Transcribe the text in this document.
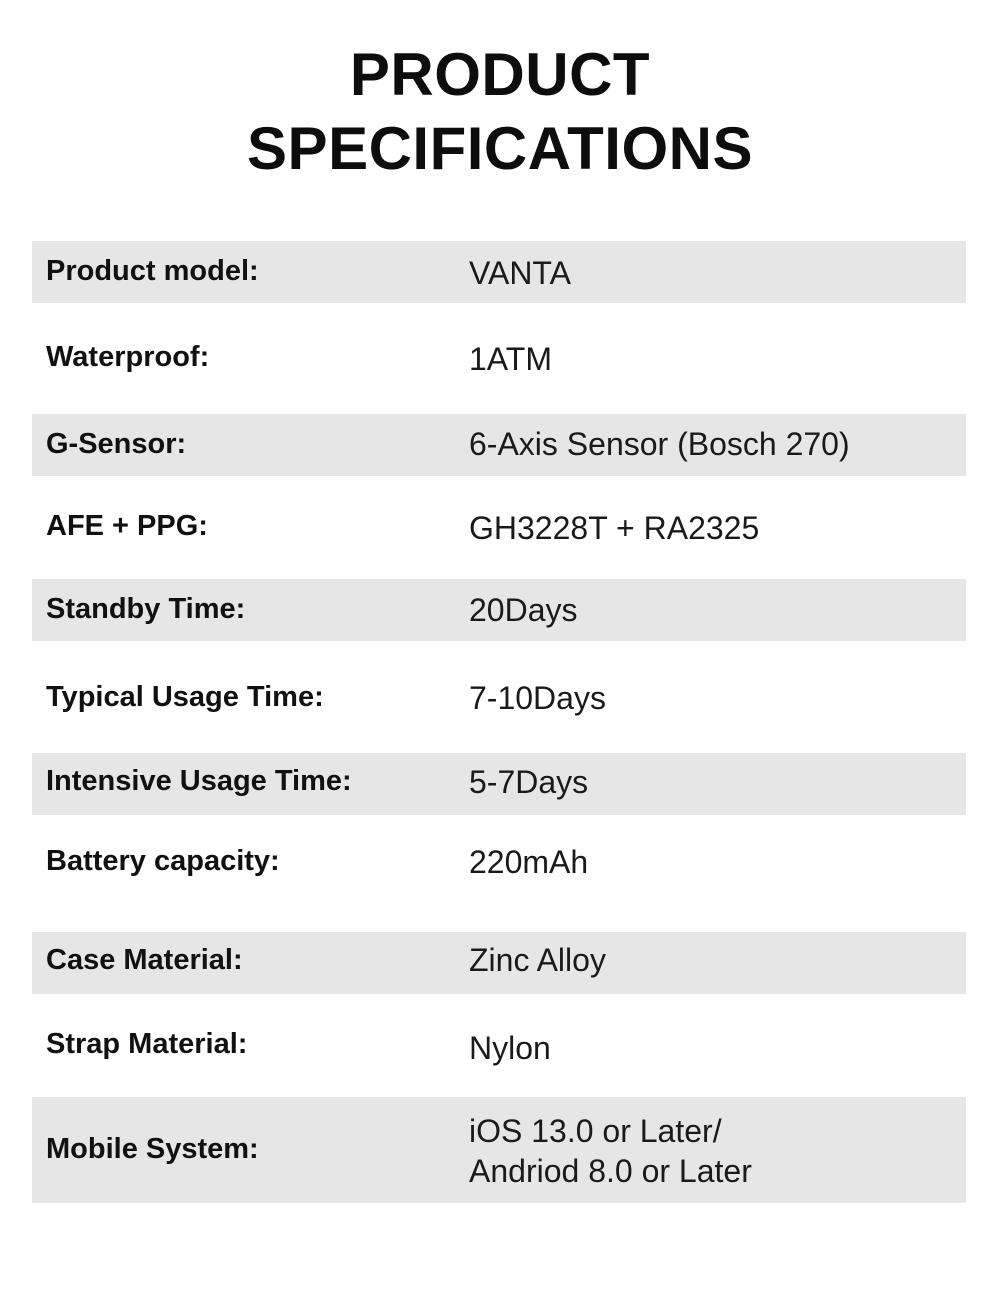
PRODUCT
SPECIFICATIONS
Product model:	VANTA
Waterproof:	1ATM
G-Sensor:	6-Axis Sensor (Bosch 270)
AFE + PPG:	GH3228T + RA2325
Standby Time:	20Days
Typical Usage Time:	7-10Days
Intensive Usage Time:	5-7Days
Battery capacity:	220mAh
Case Material:	Zinc Alloy
Strap Material:	Nylon
Mobile System:	iOS 13.0 or Later/
Andriod 8.0 or Later
